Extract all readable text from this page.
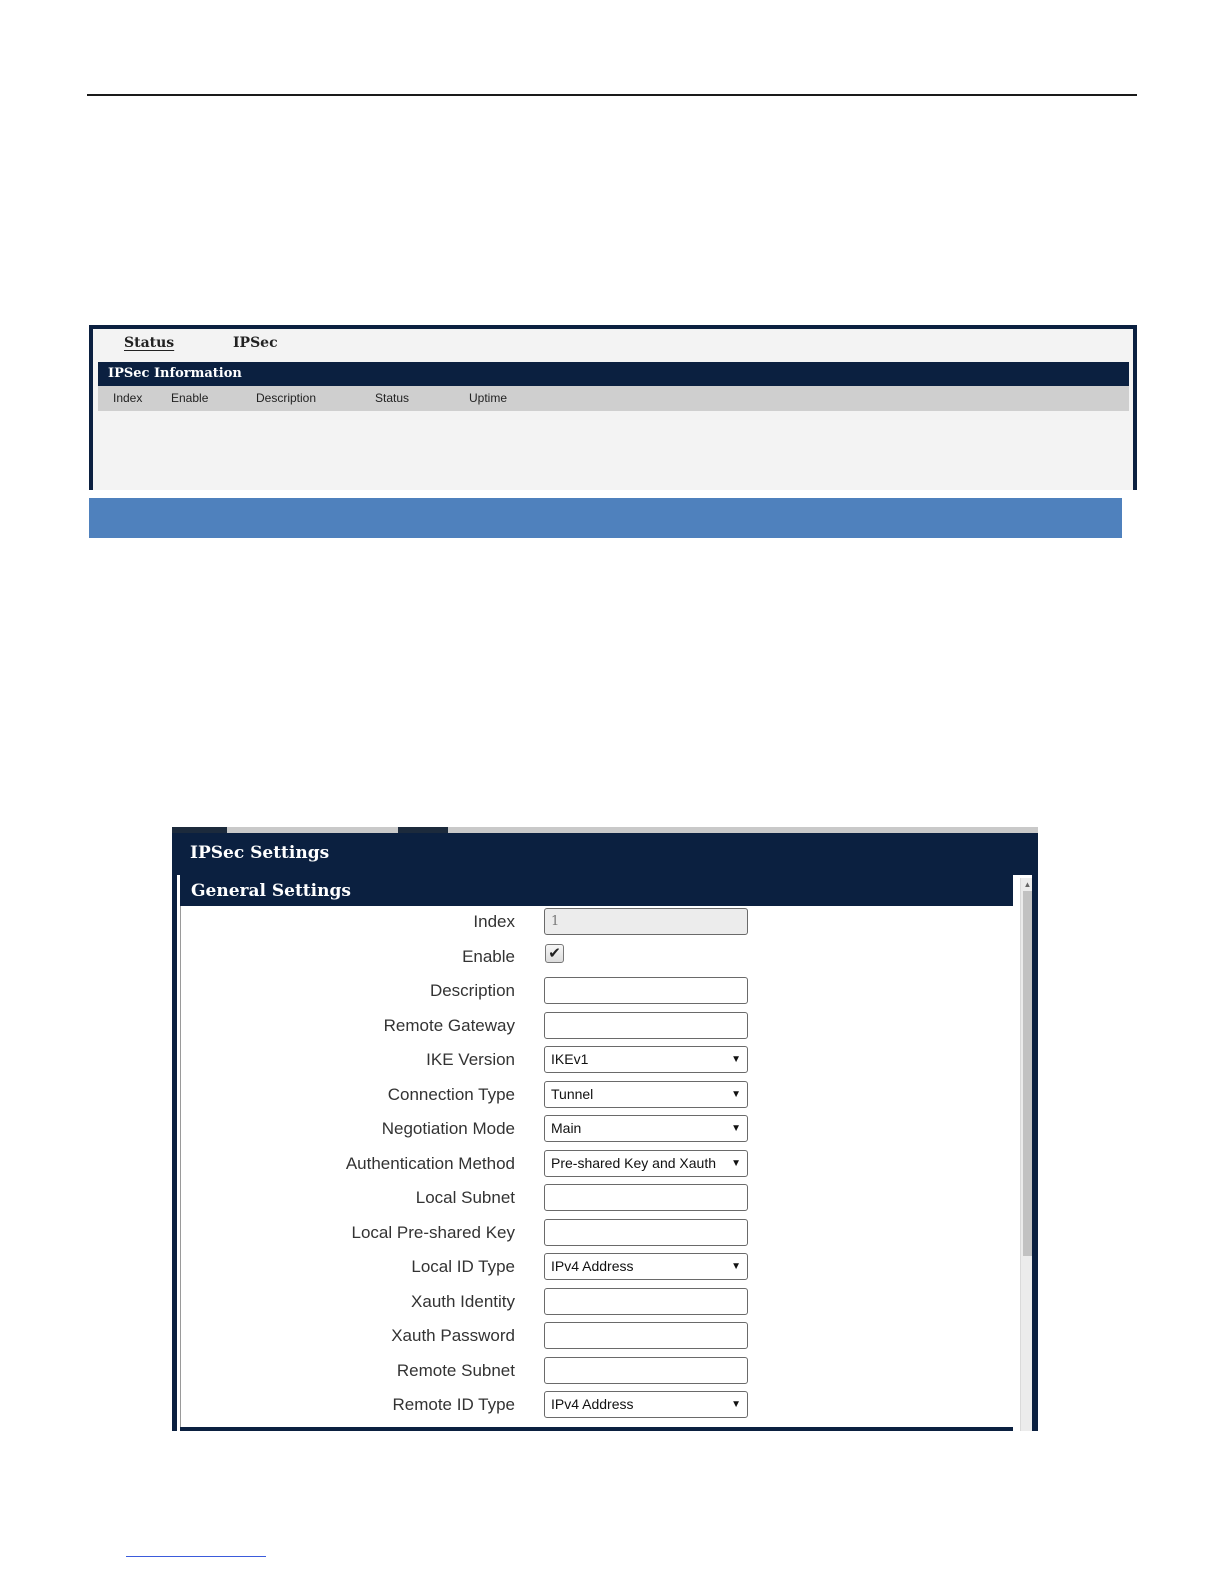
Status	IPSec
IPSec Information
Index Enable	Description	Status	Uptime
IPSec Settings
General Settings
Index	1
Enable ✔
Description
Remote Gateway
IKE Version	IKEv1	▼
Connection Type	Tunnel	▼
Negotiation Mode	Main	▼
Authentication Method	Pre-shared Key and Xauth ▼
Local Subnet
Local Pre-shared Key
Local ID Type	IPv4 Address	▼
Xauth Identity
Xauth Password
Remote Subnet
Remote ID Type	IPv4 Address	▼
▲
